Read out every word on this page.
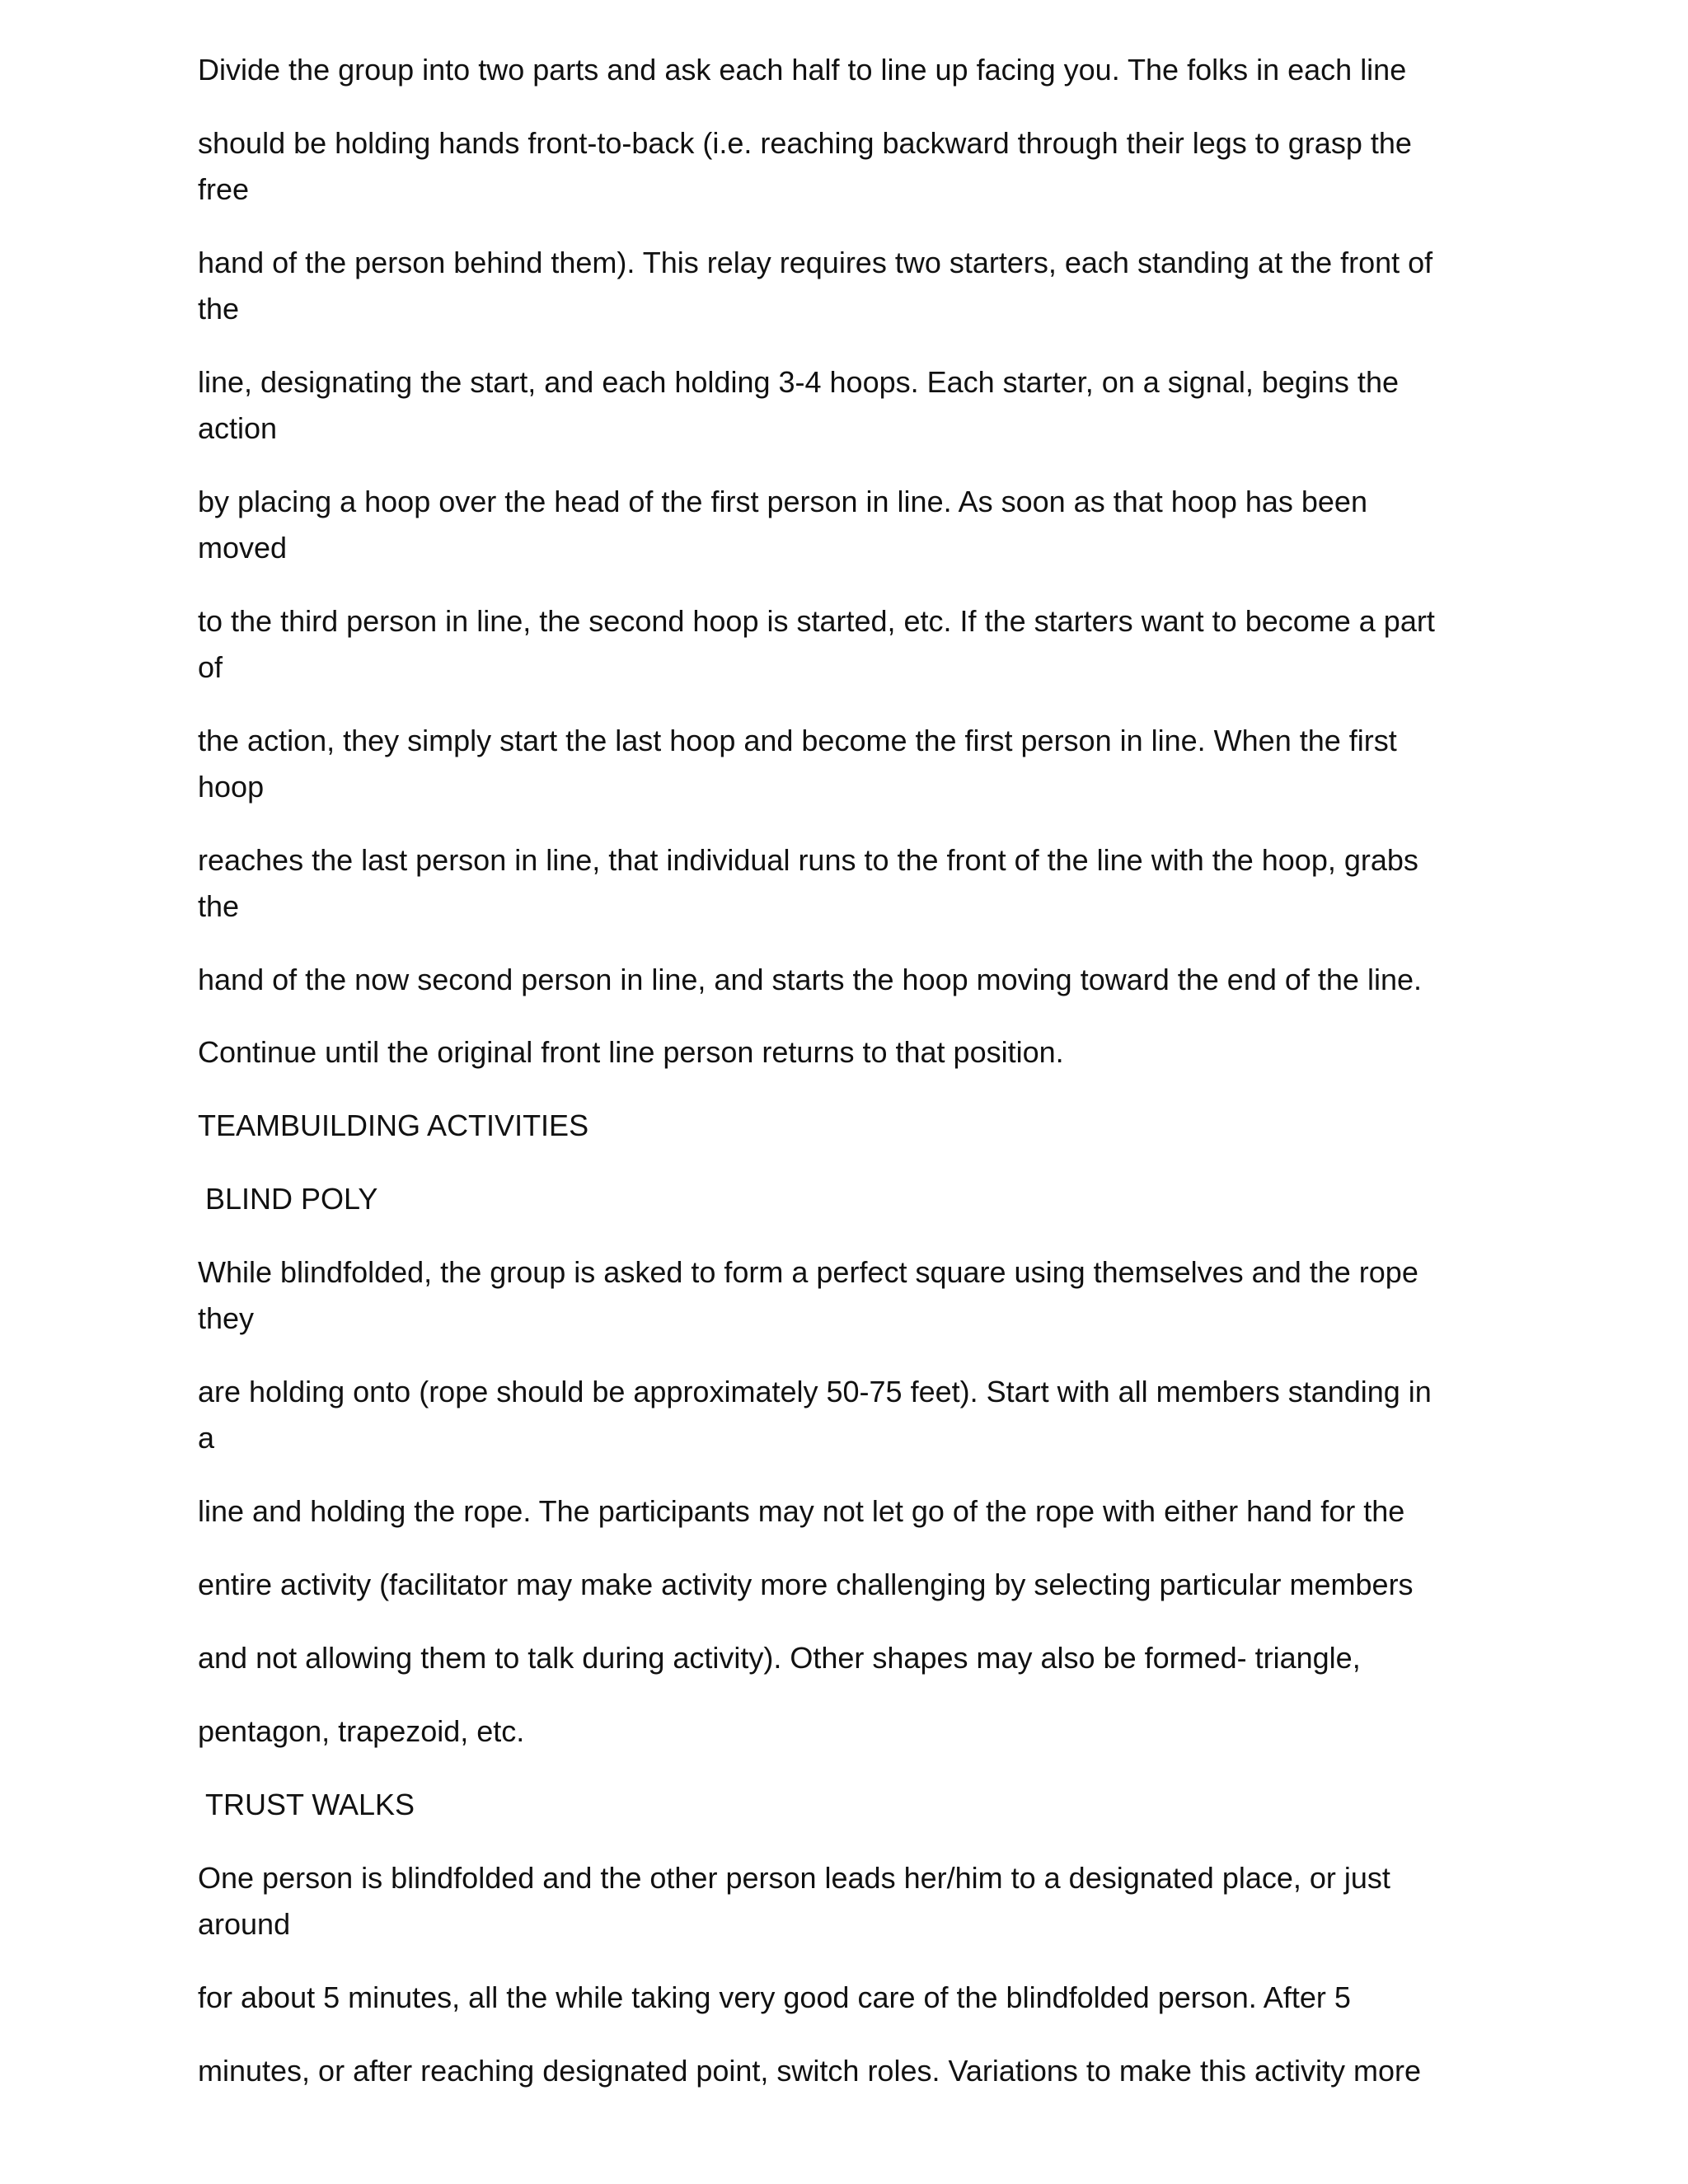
Divide the group into two parts and ask each half to line up facing you. The folks in each line

should be holding hands front-to-back (i.e. reaching backward through their legs to grasp the

free

hand of the person behind them). This relay requires two starters, each standing at the front of

the

line, designating the start, and each holding 3-4 hoops. Each starter, on a signal, begins the

action

by placing a hoop over the head of the first person in line. As soon as that hoop has been

moved

to the third person in line, the second hoop is started, etc. If the starters want to become a part

of

the action, they simply start the last hoop and become the first person in line. When the first

hoop

reaches the last person in line, that individual runs to the front of the line with the hoop, grabs

the

hand of the now second person in line, and starts the hoop moving toward the end of the line.

Continue until the original front line person returns to that position.

TEAMBUILDING ACTIVITIES

BLIND POLY

While blindfolded, the group is asked to form a perfect square using themselves and the rope

they

are holding onto (rope should be approximately 50-75 feet). Start with all members standing in

a

line and holding the rope. The participants may not let go of the rope with either hand for the

entire activity (facilitator may make activity more challenging by selecting particular members

and not allowing them to talk during activity). Other shapes may also be formed- triangle,

pentagon, trapezoid, etc.

TRUST WALKS

One person is blindfolded and the other person leads her/him to a designated place, or just

around

for about 5 minutes, all the while taking very good care of the blindfolded person. After 5

minutes, or after reaching designated point, switch roles. Variations to make this activity more
